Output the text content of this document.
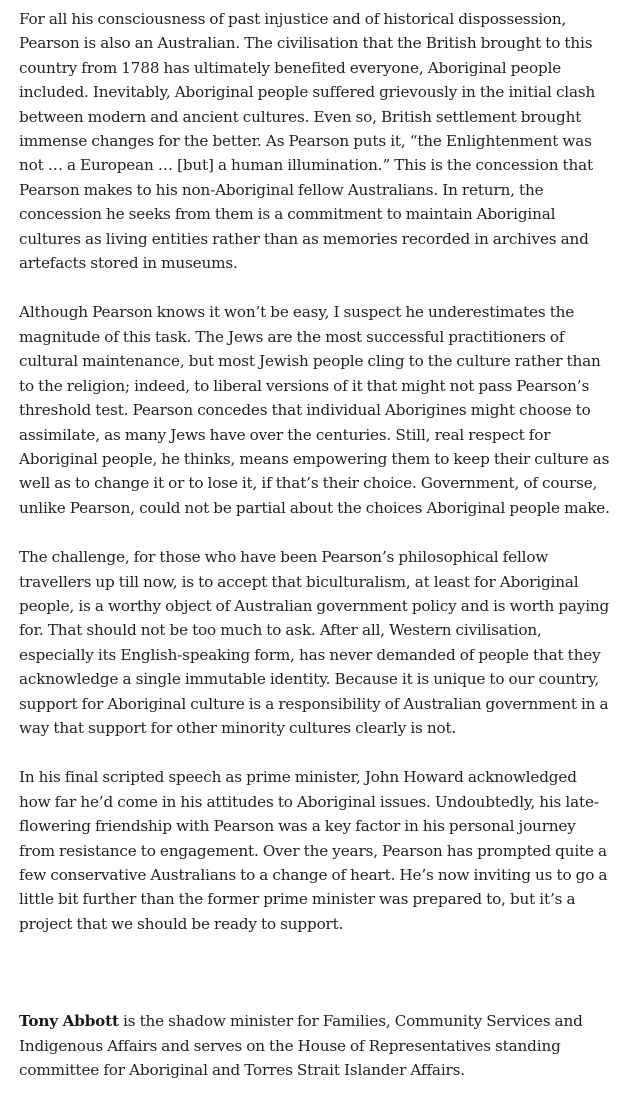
For all his consciousness of past injustice and of historical dispossession, Pearson is also an Australian. The civilisation that the British brought to this country from 1788 has ultimately benefited everyone, Aboriginal people included. Inevitably, Aboriginal people suffered grievously in the initial clash between modern and ancient cultures. Even so, British settlement brought immense changes for the better. As Pearson puts it, “the Enlightenment was not … a European … [but] a human illumination.” This is the concession that Pearson makes to his non-Aboriginal fellow Australians. In return, the concession he seeks from them is a commitment to maintain Aboriginal cultures as living entities rather than as memories recorded in archives and artefacts stored in museums.

Although Pearson knows it won’t be easy, I suspect he underestimates the magnitude of this task. The Jews are the most successful practitioners of cultural maintenance, but most Jewish people cling to the culture rather than to the religion; indeed, to liberal versions of it that might not pass Pearson’s threshold test. Pearson concedes that individual Aborigines might choose to assimilate, as many Jews have over the centuries. Still, real respect for Aboriginal people, he thinks, means empowering them to keep their culture as well as to change it or to lose it, if that’s their choice. Government, of course, unlike Pearson, could not be partial about the choices Aboriginal people make.

The challenge, for those who have been Pearson’s philosophical fellow travellers up till now, is to accept that biculturalism, at least for Aboriginal people, is a worthy object of Australian government policy and is worth paying for. That should not be too much to ask. After all, Western civilisation, especially its English-speaking form, has never demanded of people that they acknowledge a single immutable identity. Because it is unique to our country, support for Aboriginal culture is a responsibility of Australian government in a way that support for other minority cultures clearly is not.

In his final scripted speech as prime minister, John Howard acknowledged how far he’d come in his attitudes to Aboriginal issues. Undoubtedly, his late-flowering friendship with Pearson was a key factor in his personal journey from resistance to engagement. Over the years, Pearson has prompted quite a few conservative Australians to a change of heart. He’s now inviting us to go a little bit further than the former prime minister was prepared to, but it’s a project that we should be ready to support.

Tony Abbott is the shadow minister for Families, Community Services and Indigenous Affairs and serves on the House of Representatives standing committee for Aboriginal and Torres Strait Islander Affairs.
